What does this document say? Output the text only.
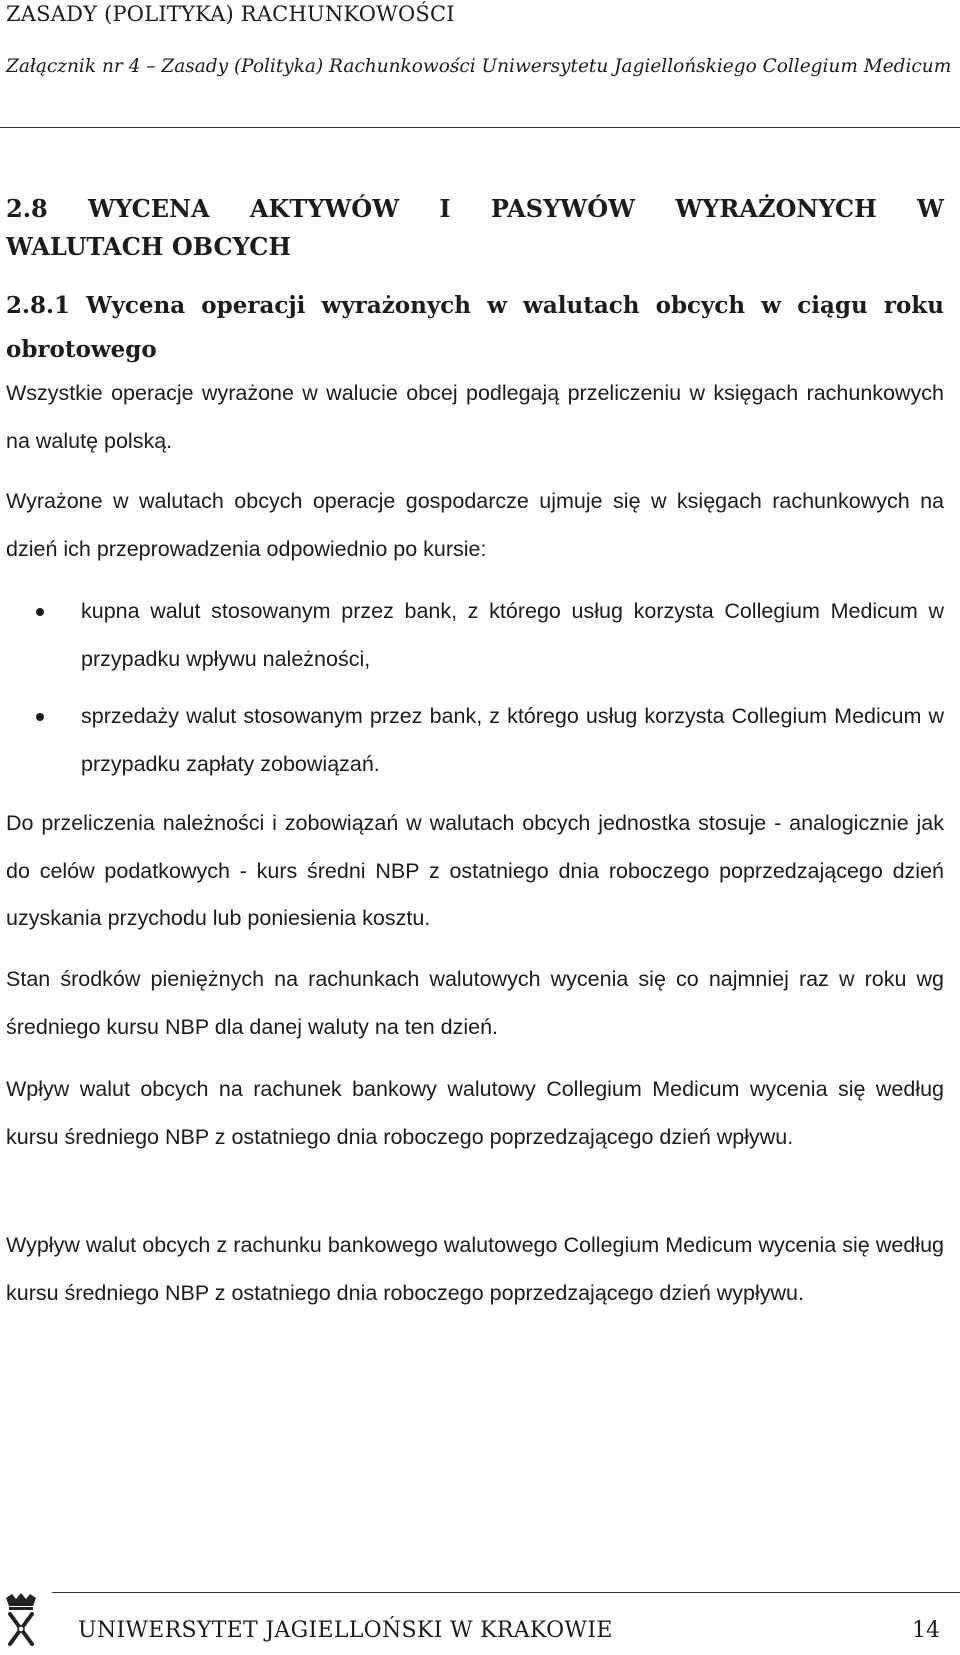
ZASADY (POLITYKA) RACHUNKOWOŚCI
Załącznik nr 4 – Zasady (Polityka) Rachunkowości Uniwersytetu Jagiellońskiego Collegium Medicum
2.8 WYCENA AKTYWÓW I PASYWÓW WYRAŻONYCH W
WALUTACH OBCYCH
2.8.1 Wycena operacji wyrażonych w walutach obcych w ciągu roku
obrotowego
Wszystkie operacje wyrażone w walucie obcej podlegają przeliczeniu w księgach rachunkowych na walutę polską.
Wyrażone w walutach obcych operacje gospodarcze ujmuje się w księgach rachunkowych na dzień ich przeprowadzenia odpowiednio po kursie:
kupna walut stosowanym przez bank, z którego usług korzysta Collegium Medicum w przypadku wpływu należności,
sprzedaży walut stosowanym przez bank, z którego usług korzysta Collegium Medicum w przypadku zapłaty zobowiązań.
Do przeliczenia należności i zobowiązań w walutach obcych jednostka stosuje - analogicznie jak do celów podatkowych - kurs średni NBP z ostatniego dnia roboczego poprzedzającego dzień uzyskania przychodu lub poniesienia kosztu.
Stan środków pieniężnych na rachunkach walutowych wycenia się co najmniej raz w roku wg średniego kursu NBP dla danej waluty na ten dzień.
Wpływ walut obcych na rachunek bankowy walutowy Collegium Medicum wycenia się według kursu średniego NBP z ostatniego dnia roboczego poprzedzającego dzień wpływu.
Wypływ walut obcych z rachunku bankowego walutowego Collegium Medicum wycenia się według kursu średniego NBP z ostatniego dnia roboczego poprzedzającego dzień wypływu.
UNIWERSYTET JAGIELLOŃSKI W KRAKOWIE	14
